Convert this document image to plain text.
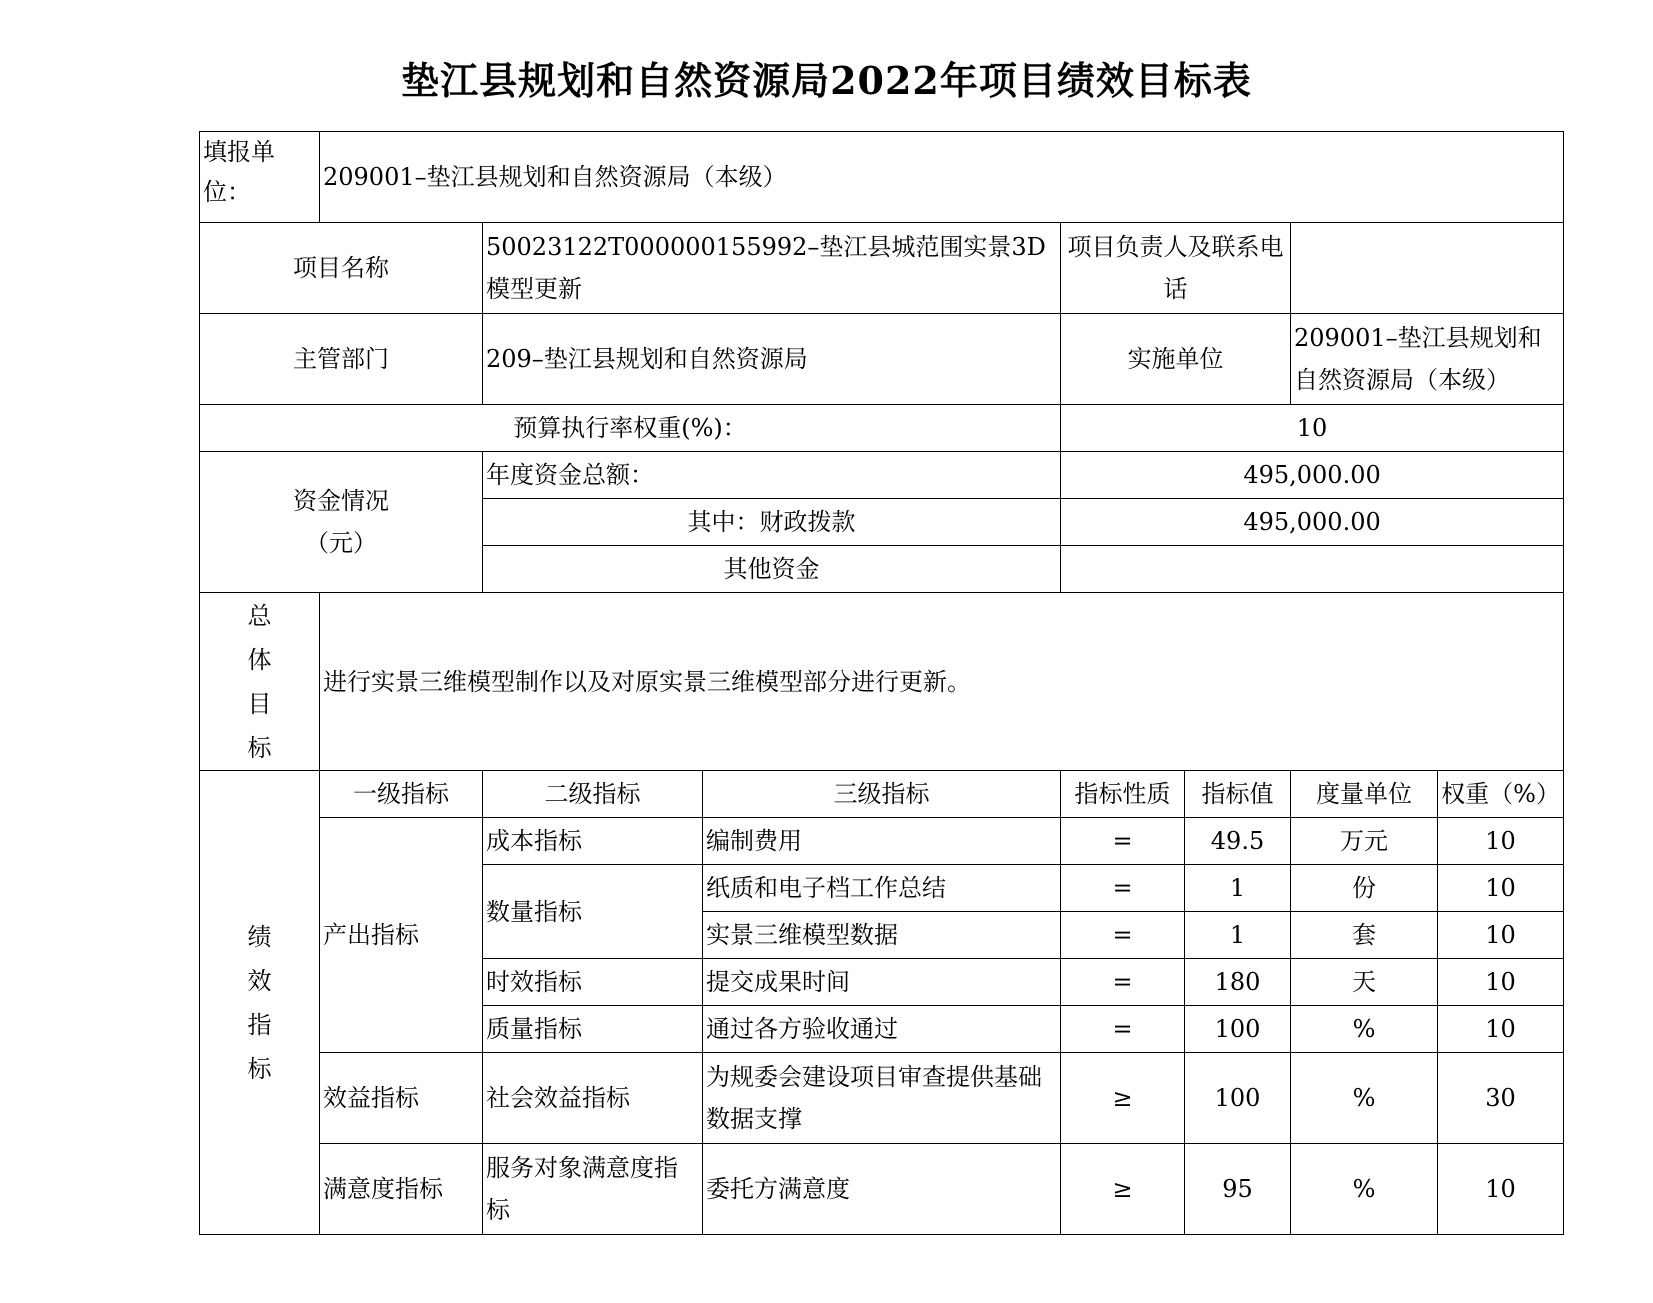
垫江县规划和自然资源局2022年项目绩效目标表
填报单位：	209001–垫江县规划和自然资源局（本级）						
项目名称		50023122T000000155992–垫江县城范围实景3D模型更新		项目负责人及联系电话			
主管部门		209–垫江县规划和自然资源局		实施单位		209001–垫江县规划和自然资源局（本级）	
预算执行率权重(%)：				10			

资金情况（元）		年度资金总额：		495,000.00			
		其中：财政拨款		495,000.00			
		其他资金					

总体目标	进行实景三维模型制作以及对原实景三维模型部分进行更新。						

绩效指标	一级指标	二级指标	三级指标	指标性质	指标值	度量单位	权重（%）
	产出指标	成本指标	编制费用	=	49.5	万元	10
		数量指标	纸质和电子档工作总结	=	1	份	10
			实景三维模型数据	=	1	套	10
		时效指标	提交成果时间	=	180	天	10
		质量指标	通过各方验收通过	=	100	%	10
	效益指标	社会效益指标	为规委会建设项目审查提供基础数据支撑	≥	100	%	30
	满意度指标	服务对象满意度指标	委托方满意度	≥	95	%	10
